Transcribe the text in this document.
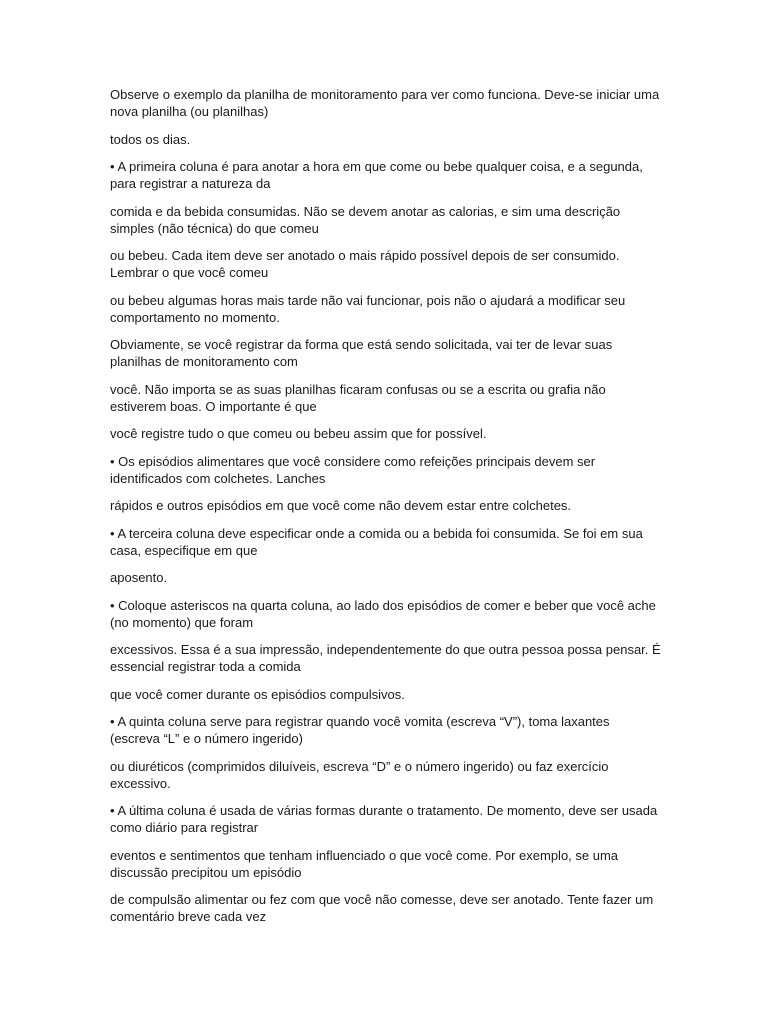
Observe o exemplo da planilha de monitoramento para ver como funciona. Deve-se iniciar uma nova planilha (ou planilhas)

todos os dias.

• A primeira coluna é para anotar a hora em que come ou bebe qualquer coisa, e a segunda, para registrar a natureza da

comida e da bebida consumidas. Não se devem anotar as calorias, e sim uma descrição simples (não técnica) do que comeu

ou bebeu. Cada item deve ser anotado o mais rápido possível depois de ser consumido. Lembrar o que você comeu

ou bebeu algumas horas mais tarde não vai funcionar, pois não o ajudará a modificar seu comportamento no momento.

Obviamente, se você registrar da forma que está sendo solicitada, vai ter de levar suas planilhas de monitoramento com

você. Não importa se as suas planilhas ficaram confusas ou se a escrita ou grafia não estiverem boas. O importante é que

você registre tudo o que comeu ou bebeu assim que for possível.

• Os episódios alimentares que você considere como refeições principais devem ser identificados com colchetes. Lanches

rápidos e outros episódios em que você come não devem estar entre colchetes.

• A terceira coluna deve especificar onde a comida ou a bebida foi consumida. Se foi em sua casa, especifique em que

aposento.

• Coloque asteriscos na quarta coluna, ao lado dos episódios de comer e beber que você ache (no momento) que foram

excessivos. Essa é a sua impressão, independentemente do que outra pessoa possa pensar. É essencial registrar toda a comida

que você comer durante os episódios compulsivos.

• A quinta coluna serve para registrar quando você vomita (escreva “V”), toma laxantes (escreva “L” e o número ingerido)

ou diuréticos (comprimidos diluíveis, escreva “D” e o número ingerido) ou faz exercício excessivo.

• A última coluna é usada de várias formas durante o tratamento. De momento, deve ser usada como diário para registrar

eventos e sentimentos que tenham influenciado o que você come. Por exemplo, se uma discussão precipitou um episódio

de compulsão alimentar ou fez com que você não comesse, deve ser anotado. Tente fazer um comentário breve cada vez
